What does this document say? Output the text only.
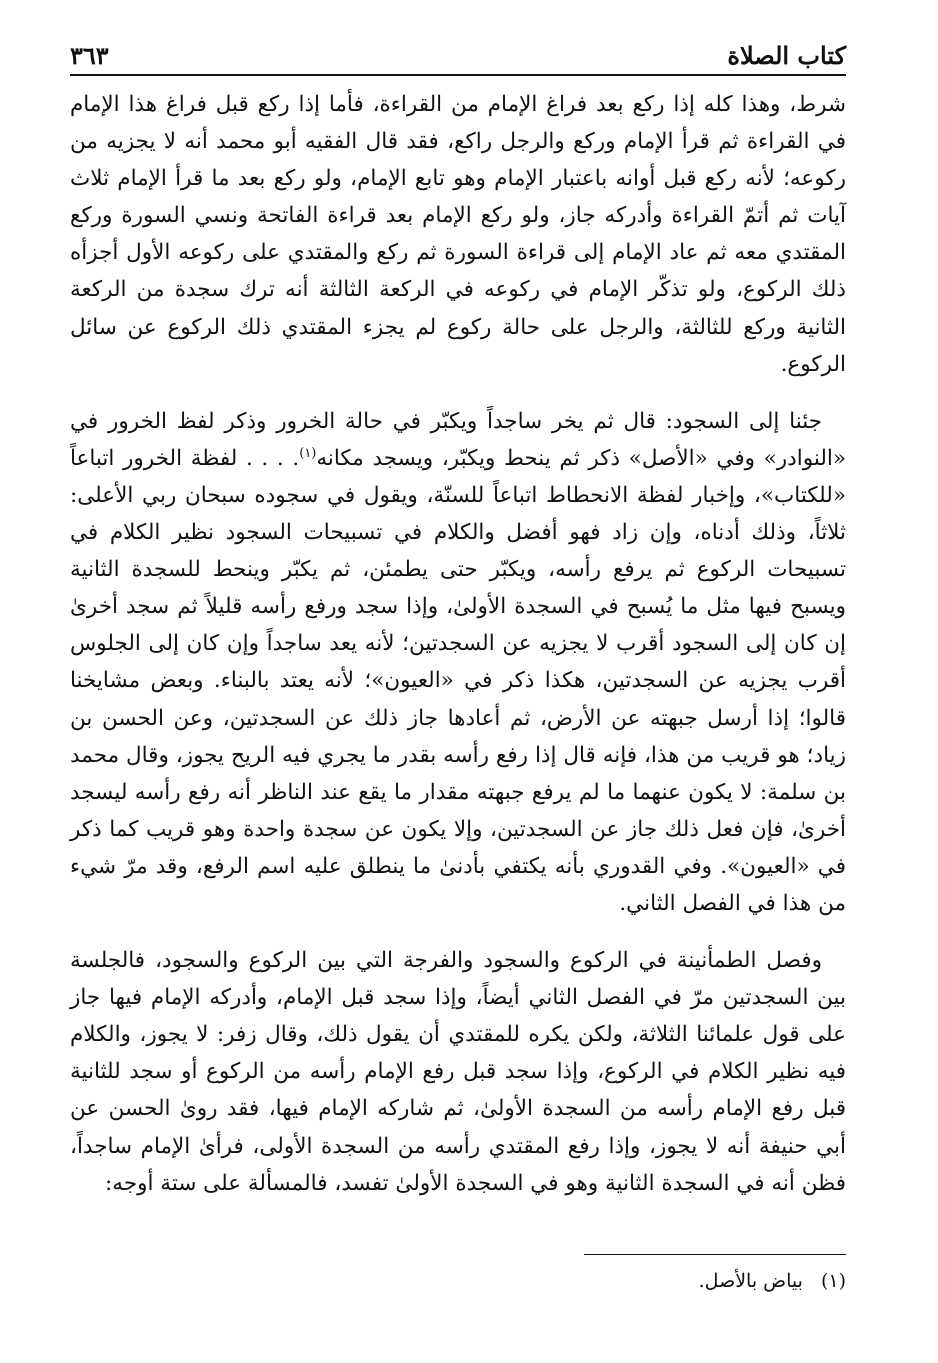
كتاب الصلاة
٣٦٣

شرط، وهذا كله إذا ركع بعد فراغ الإمام من القراءة، فأما إذا ركع قبل فراغ هذا الإمام في القراءة ثم قرأ الإمام وركع والرجل راكع، فقد قال الفقيه أبو محمد أنه لا يجزيه من ركوعه؛ لأنه ركع قبل أوانه باعتبار الإمام وهو تابع الإمام، ولو ركع بعد ما قرأ الإمام ثلاث آيات ثم أتمّ القراءة وأدركه جاز، ولو ركع الإمام بعد قراءة الفاتحة ونسي السورة وركع المقتدي معه ثم عاد الإمام إلى قراءة السورة ثم ركع والمقتدي على ركوعه الأول أجزأه ذلك الركوع، ولو تذكّر الإمام في ركوعه في الركعة الثالثة أنه ترك سجدة من الركعة الثانية وركع للثالثة، والرجل على حالة ركوع لم يجزء المقتدي ذلك الركوع عن سائل الركوع.

جئنا إلى السجود: قال ثم يخر ساجداً ويكبّر في حالة الخرور وذكر لفظ الخرور في «النوادر» وفي «الأصل» ذكر ثم ينحط ويكبّر، ويسجد مكانه$^{(١)}$. . . . لفظة الخرور اتباعاً «للكتاب»، وإخبار لفظة الانحطاط اتباعاً للسنّة، ويقول في سجوده سبحان ربي الأعلى: ثلاثاً، وذلك أدناه، وإن زاد فهو أفضل والكلام في تسبيحات السجود نظير الكلام في تسبيحات الركوع ثم يرفع رأسه، ويكبّر حتى يطمئن، ثم يكبّر وينحط للسجدة الثانية ويسبح فيها مثل ما يُسبح في السجدة الأولىٰ، وإذا سجد ورفع رأسه قليلاً ثم سجد أخرىٰ إن كان إلى السجود أقرب لا يجزيه عن السجدتين؛ لأنه يعد ساجداً وإن كان إلى الجلوس أقرب يجزيه عن السجدتين، هكذا ذكر في «العيون»؛ لأنه يعتد بالبناء. وبعض مشايخنا قالوا؛ إذا أرسل جبهته عن الأرض، ثم أعادها جاز ذلك عن السجدتين، وعن الحسن بن زياد؛ هو قريب من هذا، فإنه قال إذا رفع رأسه بقدر ما يجري فيه الريح يجوز، وقال محمد بن سلمة: لا يكون عنهما ما لم يرفع جبهته مقدار ما يقع عند الناظر أنه رفع رأسه ليسجد أخرىٰ، فإن فعل ذلك جاز عن السجدتين، وإلا يكون عن سجدة واحدة وهو قريب كما ذكر في «العيون». وفي القدوري بأنه يكتفي بأدنىٰ ما ينطلق عليه اسم الرفع، وقد مرّ شيء من هذا في الفصل الثاني.

وفصل الطمأنينة في الركوع والسجود والفرجة التي بين الركوع والسجود، فالجلسة بين السجدتين مرّ في الفصل الثاني أيضاً، وإذا سجد قبل الإمام، وأدركه الإمام فيها جاز على قول علمائنا الثلاثة، ولكن يكره للمقتدي أن يقول ذلك، وقال زفر: لا يجوز، والكلام فيه نظير الكلام في الركوع، وإذا سجد قبل رفع الإمام رأسه من الركوع أو سجد للثانية قبل رفع الإمام رأسه من السجدة الأولىٰ، ثم شاركه الإمام فيها، فقد روىٰ الحسن عن أبي حنيفة أنه لا يجوز، وإذا رفع المقتدي رأسه من السجدة الأولى، فرأىٰ الإمام ساجداً، فظن أنه في السجدة الثانية وهو في السجدة الأولىٰ تفسد، فالمسألة على ستة أوجه:

(١)
بياض بالأصل.
